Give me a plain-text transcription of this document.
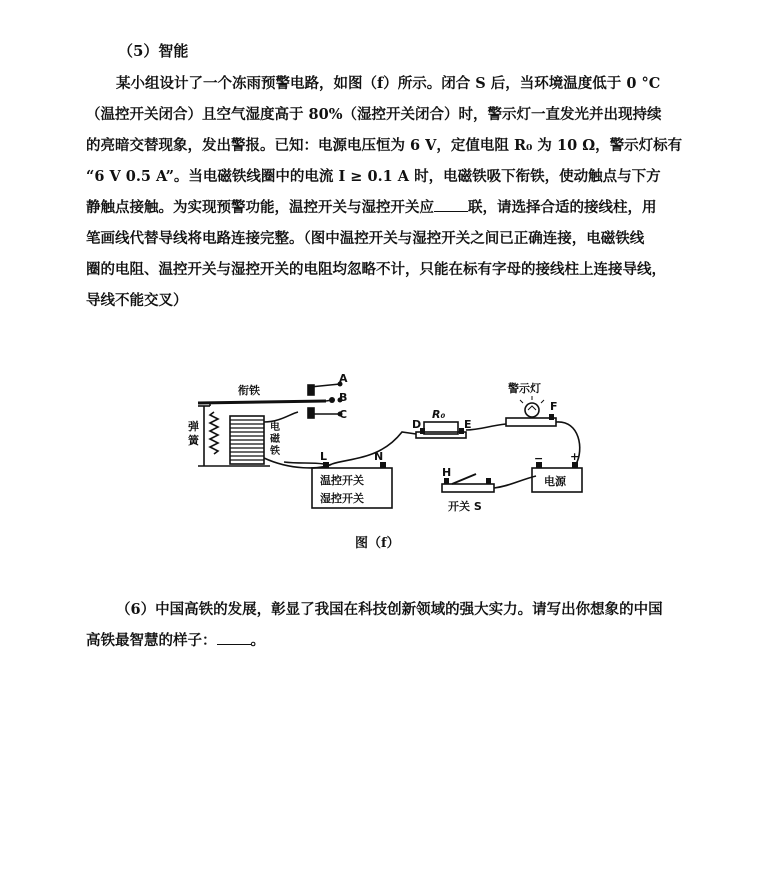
（5）智能
某小组设计了一个冻雨预警电路，如图（f）所示。闭合 S 后，当环境温度低于 0 °C
（温控开关闭合）且空气湿度高于 80%（湿控开关闭合）时，警示灯一直发光并出现持续
的亮暗交替现象，发出警报。已知：电源电压恒为 6 V，定值电阻 R₀ 为 10 Ω，警示灯标有
“6 V 0.5 A”。当电磁铁线圈中的电流 I ≥ 0.1 A 时，电磁铁吸下衔铁，使动触点与下方
静触点接触。为实现预警功能，温控开关与湿控开关应 联，请选择合适的接线柱，用
笔画线代替导线将电路连接完整。（图中温控开关与湿控开关之间已正确连接，电磁铁线
圈的电阻、温控开关与湿控开关的电阻均忽略不计，只能在标有字母的接线柱上连接导线，
导线不能交叉）
衔铁
弹
簧
电
磁
铁
A
B
C	R₀
D	E
警示灯
F
L	N
温控开关
湿控开关
H
开关 S
− +
电源
图（f）
（6）中国高铁的发展，彰显了我国在科技创新领域的强大实力。请写出你想象的中国
高铁最智慧的样子： 。
